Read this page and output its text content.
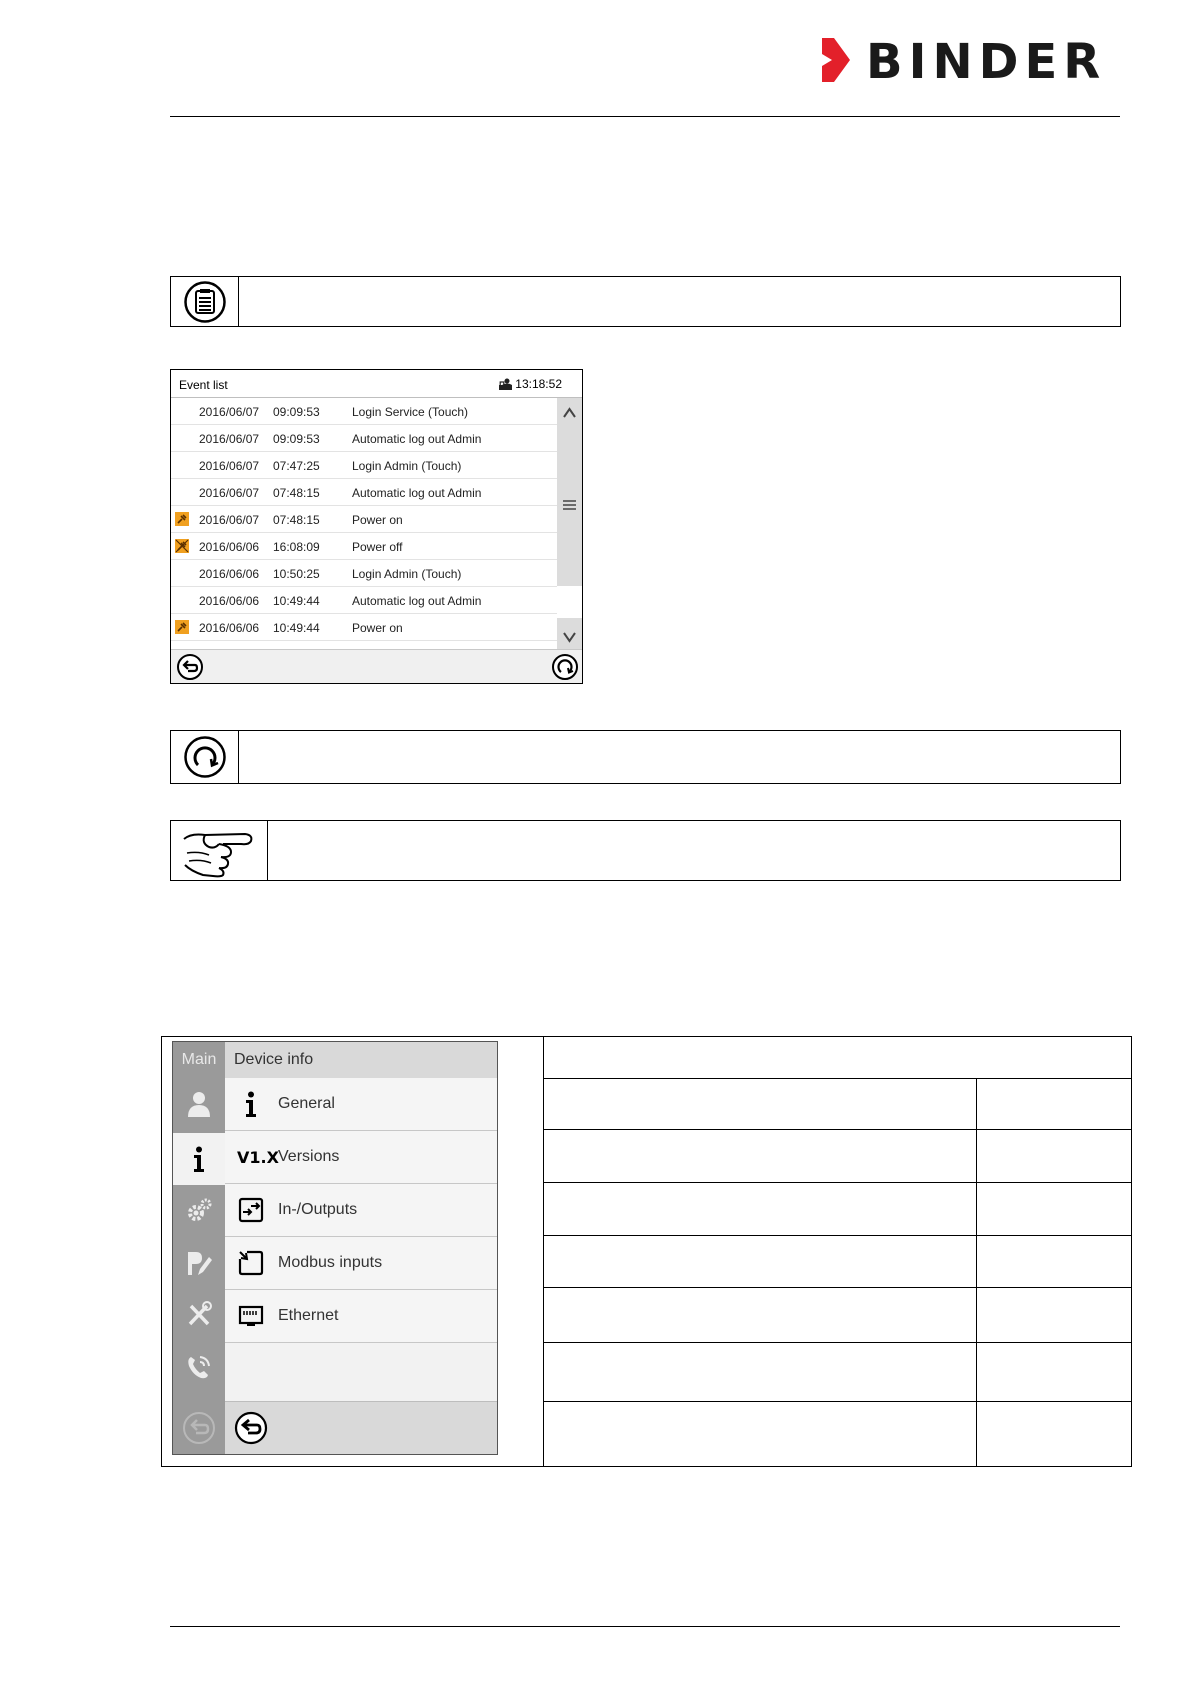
BINDER
Event list	13:18:52
2016/06/07 09:09:53	Login Service (Touch)
2016/06/07 09:09:53	Automatic log out Admin
2016/06/07 07:47:25	Login Admin (Touch)
2016/06/07 07:48:15	Automatic log out Admin
2016/06/07 07:48:15	Power on
2016/06/06 16:08:09	Power off
2016/06/06 10:50:25	Login Admin (Touch)
2016/06/06 10:49:44	Automatic log out Admin
2016/06/06 10:49:44	Power on
Main	Device info
General
V1.X Versions
In-/Outputs
Modbus inputs
Ethernet
